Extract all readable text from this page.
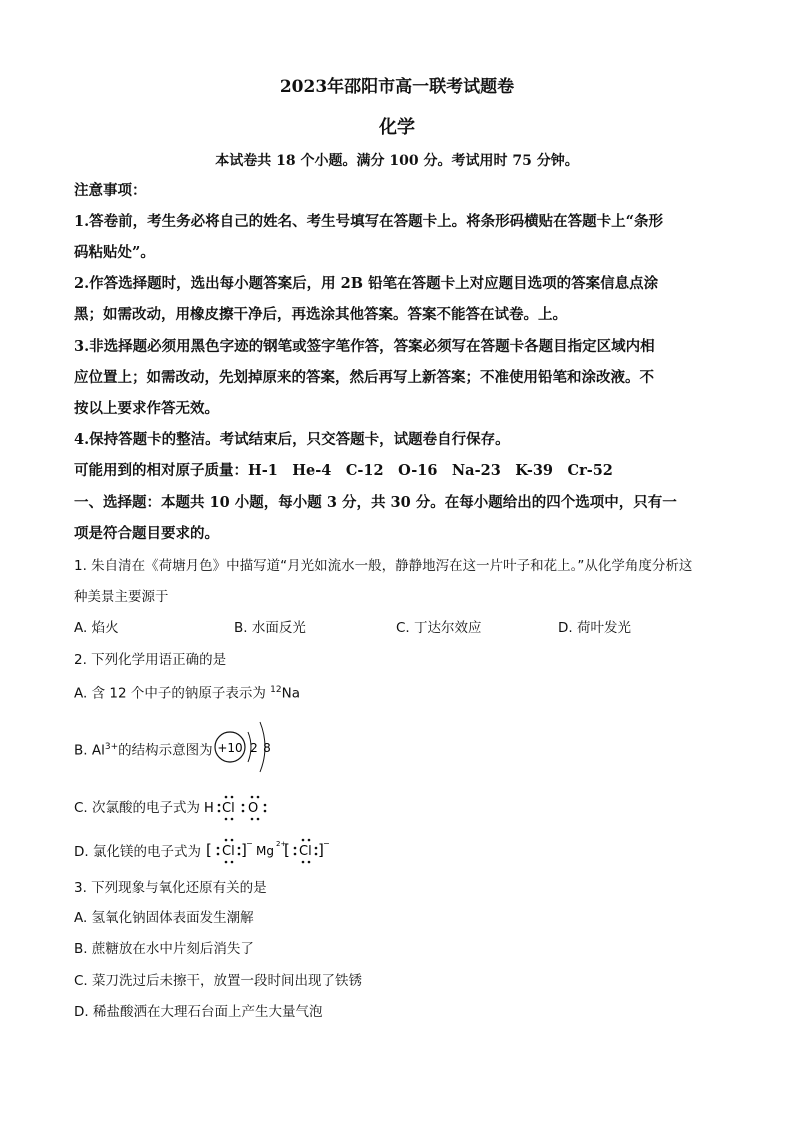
2023年邵阳市高一联考试题卷
化学
本试卷共 18 个小题。满分 100 分。考试用时 75 分钟。
注意事项：
1.答卷前，考生务必将自己的姓名、考生号填写在答题卡上。将条形码横贴在答题卡上“条形
码粘贴处”。
2.作答选择题时，选出每小题答案后，用 2B 铅笔在答题卡上对应题目选项的答案信息点涂
黑；如需改动，用橡皮擦干净后，再选涂其他答案。答案不能答在试卷。上。
3.非选择题必须用黑色字迹的钢笔或签字笔作答，答案必须写在答题卡各题目指定区域内相
应位置上；如需改动，先划掉原来的答案，然后再写上新答案；不准使用铅笔和涂改液。不
按以上要求作答无效。
4.保持答题卡的整洁。考试结束后，只交答题卡，试题卷自行保存。
可能用到的相对原子质量：H-1　He-4　C-12　O-16　Na-23　K-39　Cr-52
一、选择题：本题共 10 小题，每小题 3 分，共 30 分。在每小题给出的四个选项中，只有一
项是符合题目要求的。
1. 朱自清在《荷塘月色》中描写道“月光如流水一般，静静地泻在这一片叶子和花上。”从化学角度分析这
种美景主要源于
A. 焰火	B. 水面反光	C. 丁达尔效应	D. 荷叶发光
2. 下列化学用语正确的是
A. 含 12 个中子的钠原子表示为 $^{12}$Na
B. $Al^{3+}$的结构示意图为 +10 2 8
C. 次氯酸的电子式为 H Cl O
D. 氯化镁的电子式为 [ Cl ] −
Mg 2+
[ Cl ] −
3. 下列现象与氧化还原有关的是
A. 氢氧化钠固体表面发生潮解
B. 蔗糖放在水中片刻后消失了
C. 菜刀洗过后未擦干，放置一段时间出现了铁锈
D. 稀盐酸洒在大理石台面上产生大量气泡
